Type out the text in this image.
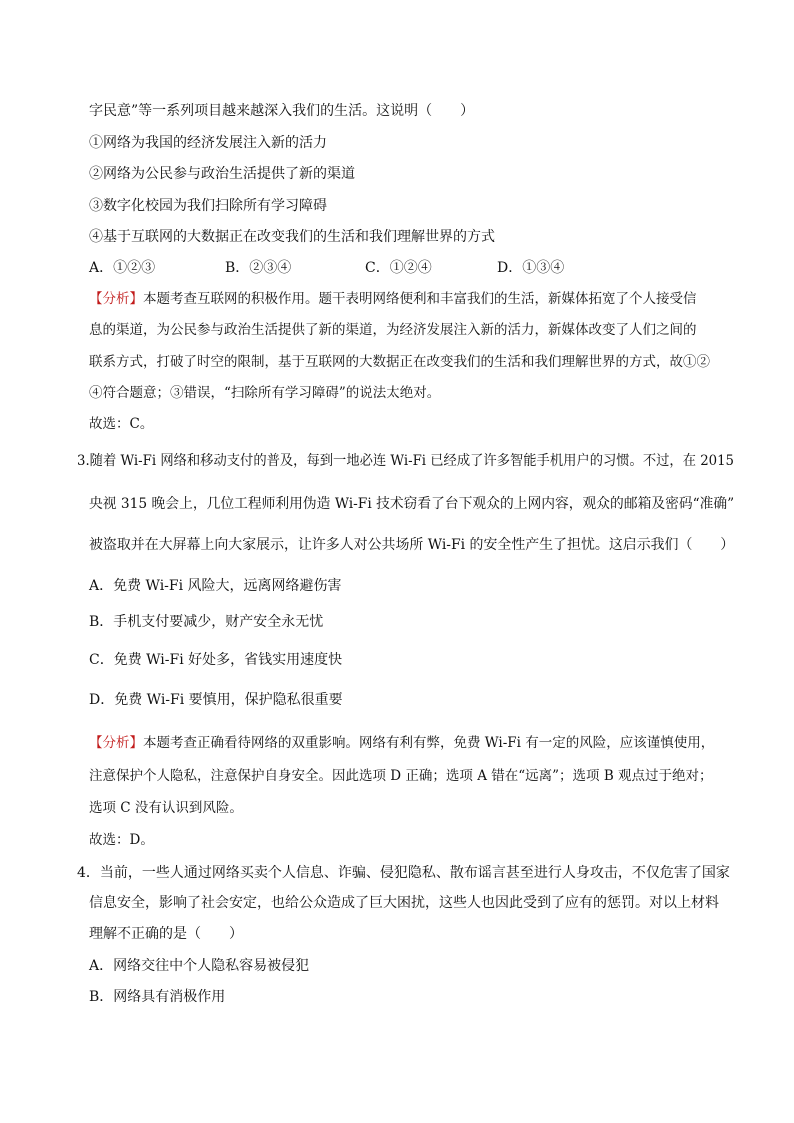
字民意”等一系列项目越来越深入我们的生活。这说明（　　）
①网络为我国的经济发展注入新的活力
②网络为公民参与政治生活提供了新的渠道
③数字化校园为我们扫除所有学习障碍
④基于互联网的大数据正在改变我们的生活和我们理解世界的方式
A．①②③	B．②③④	C．①②④	D．①③④
【分析】本题考查互联网的积极作用。题干表明网络便利和丰富我们的生活，新媒体拓宽了个人接受信
息的渠道，为公民参与政治生活提供了新的渠道，为经济发展注入新的活力，新媒体改变了人们之间的
联系方式，打破了时空的限制，基于互联网的大数据正在改变我们的生活和我们理解世界的方式，故①②
④符合题意；③错误，“扫除所有学习障碍”的说法太绝对。
故选：C。
3.随着 Wi-Fi 网络和移动支付的普及，每到一地必连 Wi-Fi 已经成了许多智能手机用户的习惯。不过，在 2015
央视 315 晚会上，几位工程师利用伪造 Wi-Fi 技术窃看了台下观众的上网内容，观众的邮箱及密码“准确”
被盗取并在大屏幕上向大家展示，让许多人对公共场所 Wi-Fi 的安全性产生了担忧。这启示我们（　　）
A．免费 Wi-Fi 风险大，远离网络避伤害
B．手机支付要减少，财产安全永无忧
C．免费 Wi-Fi 好处多，省钱实用速度快
D．免费 Wi-Fi 要慎用，保护隐私很重要
【分析】本题考查正确看待网络的双重影响。网络有利有弊，免费 Wi-Fi 有一定的风险，应该谨慎使用，
注意保护个人隐私，注意保护自身安全。因此选项 D 正确；选项 A 错在“远离”；选项 B 观点过于绝对；
选项 C 没有认识到风险。
故选：D。
4．当前，一些人通过网络买卖个人信息、诈骗、侵犯隐私、散布谣言甚至进行人身攻击，不仅危害了国家
信息安全，影响了社会安定，也给公众造成了巨大困扰，这些人也因此受到了应有的惩罚。对以上材料
理解不正确的是（　　）
A．网络交往中个人隐私容易被侵犯
B．网络具有消极作用
